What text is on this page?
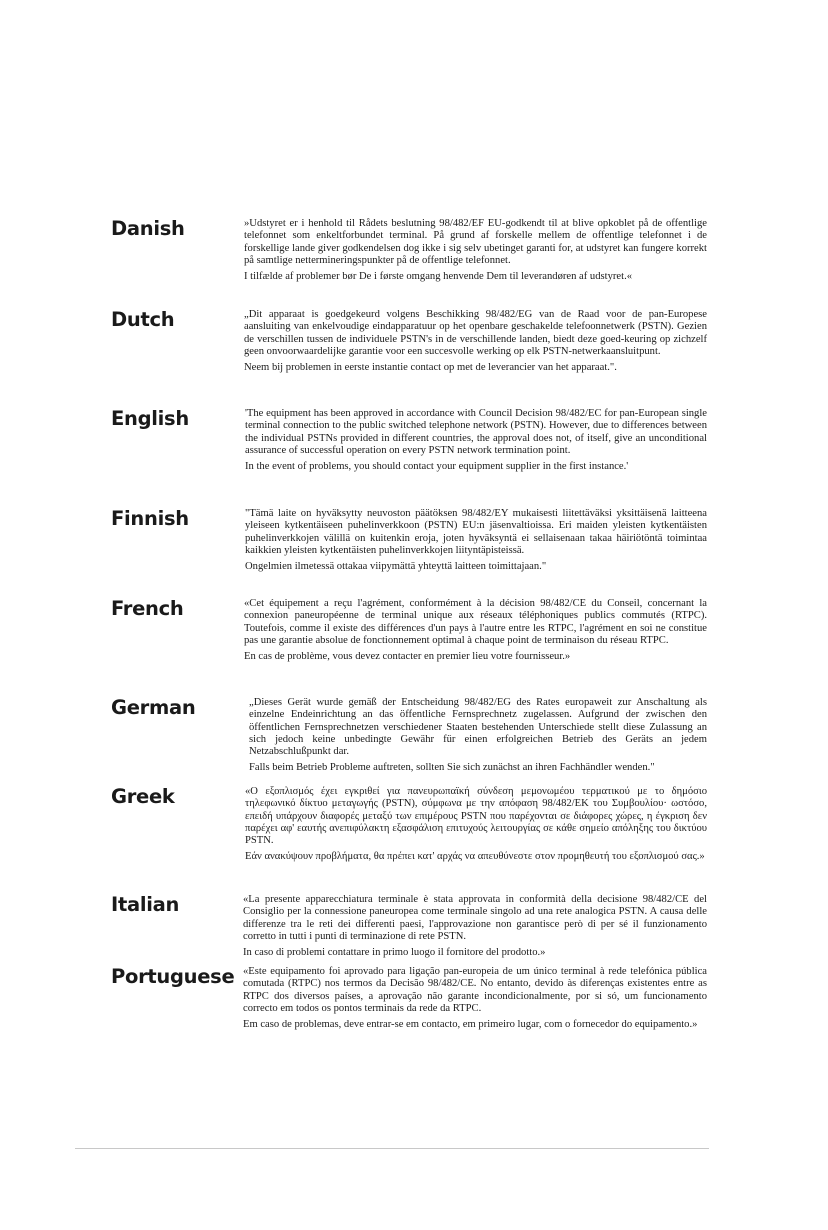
Danish	»Udstyret er i henhold til Rådets beslutning 98/482/EF EU-godkendt til at blive opkoblet på de offentlige telefonnet som enkeltforbundet terminal. På grund af forskelle mellem de offentlige telefonnet i de forskellige lande giver godkendelsen dog ikke i sig selv ubetinget garanti for, at udstyret kan fungere korrekt på samtlige nettermineringspunkter på de offentlige telefonnet.

I tilfælde af problemer bør De i første omgang henvende Dem til leverandøren af udstyret.«

Dutch	„Dit apparaat is goedgekeurd volgens Beschikking 98/482/EG van de Raad voor de pan-Europese aansluiting van enkelvoudige eindapparatuur op het openbare geschakelde telefoonnetwerk (PSTN). Gezien de verschillen tussen de individuele PSTN's in de verschillende landen, biedt deze goed-keuring op zichzelf geen onvoorwaardelijke garantie voor een succesvolle werking op elk PSTN-netwerkaansluitpunt.

Neem bij problemen in eerste instantie contact op met de leverancier van het apparaat.".

English	'The equipment has been approved in accordance with Council Decision 98/482/EC for pan-European single terminal connection to the public switched telephone network (PSTN). However, due to differences between the individual PSTNs provided in different countries, the approval does not, of itself, give an unconditional assurance of successful operation on every PSTN network termination point.

In the event of problems, you should contact your equipment supplier in the first instance.'

Finnish	"Tämä laite on hyväksytty neuvoston päätöksen 98/482/EY mukaisesti liitettäväksi yksittäisenä laitteena yleiseen kytkentäiseen puhelinverkkoon (PSTN) EU:n jäsenvaltioissa. Eri maiden yleisten kytkentäisten puhelinverkkojen välillä on kuitenkin eroja, joten hyväksyntä ei sellaisenaan takaa häiriötöntä toimintaa kaikkien yleisten kytkentäisten puhelinverkkojen liityntäpisteissä.

Ongelmien ilmetessä ottakaa viipymättä yhteyttä laitteen toimittajaan."

French	«Cet équipement a reçu l'agrément, conformément à la décision 98/482/CE du Conseil, concernant la connexion paneuropéenne de terminal unique aux réseaux téléphoniques publics commutés (RTPC). Toutefois, comme il existe des différences d'un pays à l'autre entre les RTPC, l'agrément en soi ne constitue pas une garantie absolue de fonctionnement optimal à chaque point de terminaison du réseau RTPC.

En cas de problème, vous devez contacter en premier lieu votre fournisseur.»

German	„Dieses Gerät wurde gemäß der Entscheidung 98/482/EG des Rates europaweit zur Anschaltung als einzelne Endeinrichtung an das öffentliche Fernsprechnetz zugelassen. Aufgrund der zwischen den öffentlichen Fernsprechnetzen verschiedener Staaten bestehenden Unterschiede stellt diese Zulassung an sich jedoch keine unbedingte Gewähr für einen erfolgreichen Betrieb des Geräts an jedem Netzabschlußpunkt dar.

Falls beim Betrieb Probleme auftreten, sollten Sie sich zunächst an ihren Fachhändler wenden."

Greek	«Ο εξοπλισμός έχει εγκριθεί για πανευρωπαϊκή σύνδεση μεμονωμέου τερματικού με το δημόσιο τηλεφωνικό δίκτυο μεταγωγής (PSTN), σύμφωνα με την απόφαση 98/482/ΕΚ του Συμβουλίου· ωστόσο, επειδή υπάρχουν διαφορές μεταξύ των επιμέρους PSTN που παρέχονται σε διάφορες χώρες, η έγκριση δεν παρέχει αφ' εαυτής ανεπιφύλακτη εξασφάλιση επιτυχούς λειτουργίας σε κάθε σημείο απόληξης του δικτύου PSTN.

Εάν ανακύψουν προβλήματα, θα πρέπει κατ' αρχάς να απευθύνεστε στον προμηθευτή του εξοπλισμού σας.»

Italian	«La presente apparecchiatura terminale è stata approvata in conformità della decisione 98/482/CE del Consiglio per la connessione paneuropea come terminale singolo ad una rete analogica PSTN. A causa delle differenze tra le reti dei differenti paesi, l'approvazione non garantisce però di per sé il funzionamento corretto in tutti i punti di terminazione di rete PSTN.

In caso di problemi contattare in primo luogo il fornitore del prodotto.»

Portuguese «Este equipamento foi aprovado para ligação pan-europeia de um único terminal à rede telefónica pública comutada (RTPC) nos termos da Decisão 98/482/CE. No entanto, devido às diferenças existentes entre as RTPC dos diversos países, a aprovação não garante incondicionalmente, por si só, um funcionamento correcto em todos os pontos terminais da rede da RTPC.

Em caso de problemas, deve entrar-se em contacto, em primeiro lugar, com o fornecedor do equipamento.»
